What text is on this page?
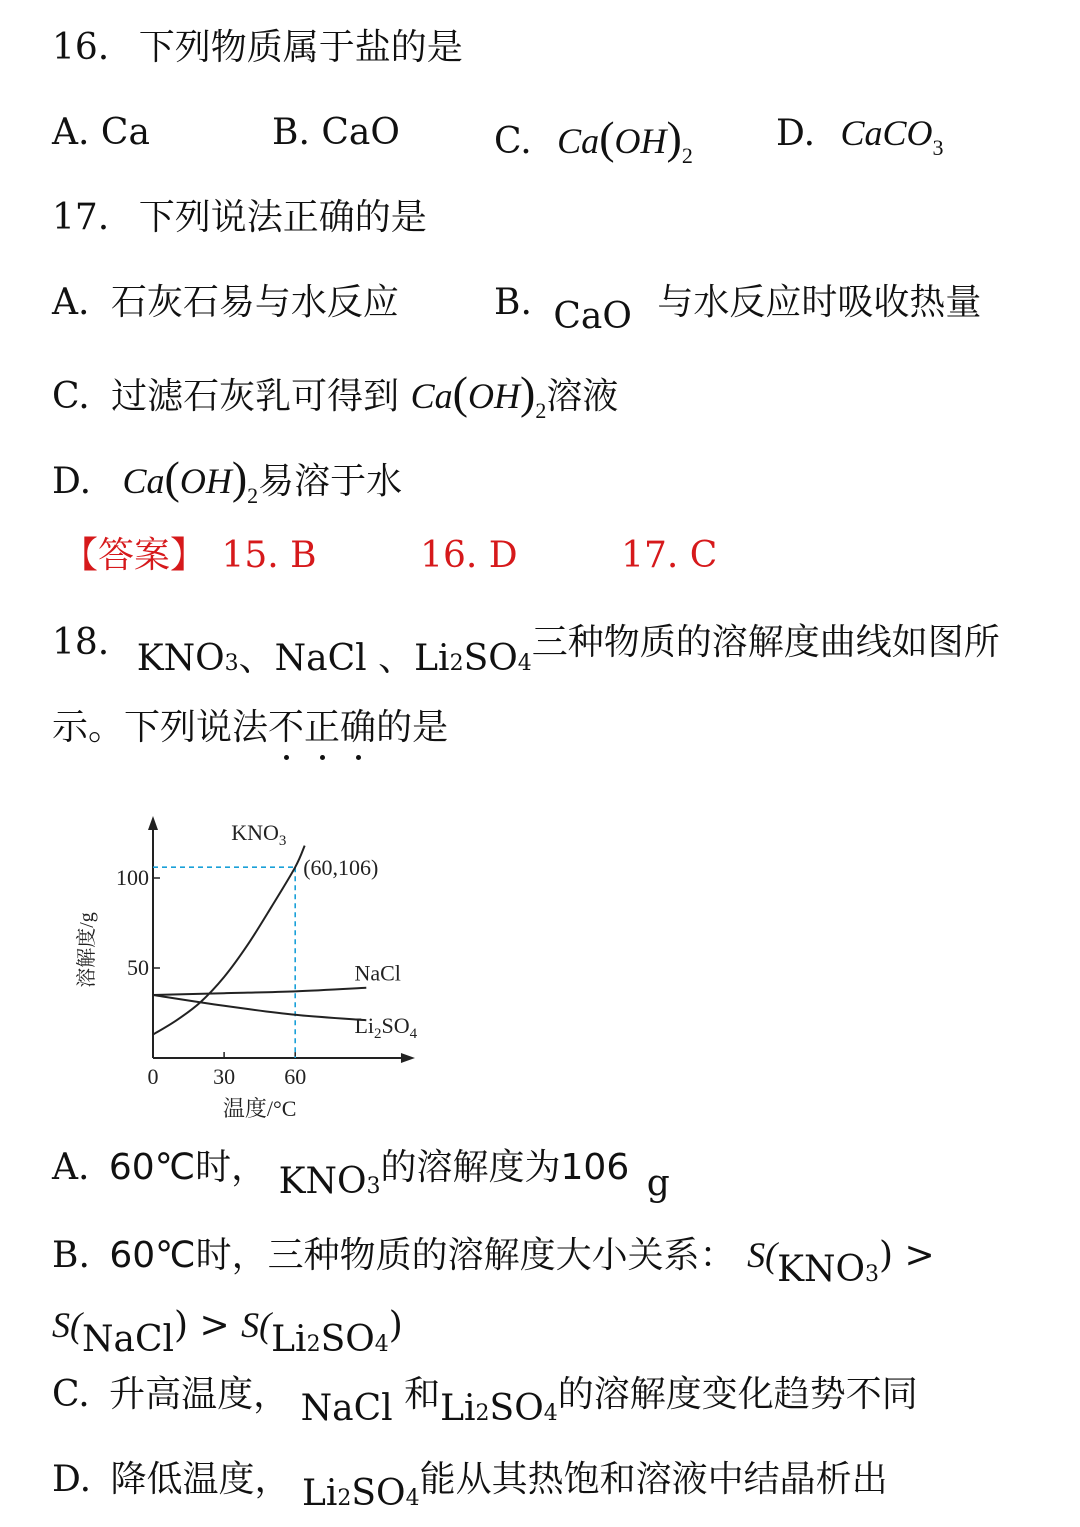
16. 下列物质属于盐的是
A. Ca	B. CaO	C. $Ca(OH)_2$
D. CaCO$_3$
17. 下列说法正确的是
A. 石灰石易与水反应	B. CaO 与水反应时吸收热量
C. 过滤石灰乳可得到 $Ca(OH)_2$溶液
D. $Ca(OH)_2$易溶于水
【答案】 15. B	16. D	17. C
18. KNO3、NaCl 、Li2SO4三种物质的溶解度曲线如图所
示。下列说法不正确的是
0 30 60
50
100
温度/°C
溶解度/g
(60,106)
$KNO_3$
NaCl
$Li_2SO_4$
A. 60℃时， KNO3的溶解度为106 g
B. 60℃时，三种物质的溶解度大小关系： S(KNO3) >
S(NaCl) > S(Li2SO4)
C. 升高温度， NaCl 和Li2SO4的溶解度变化趋势不同
D. 降低温度， Li2SO4能从其热饱和溶液中结晶析出
